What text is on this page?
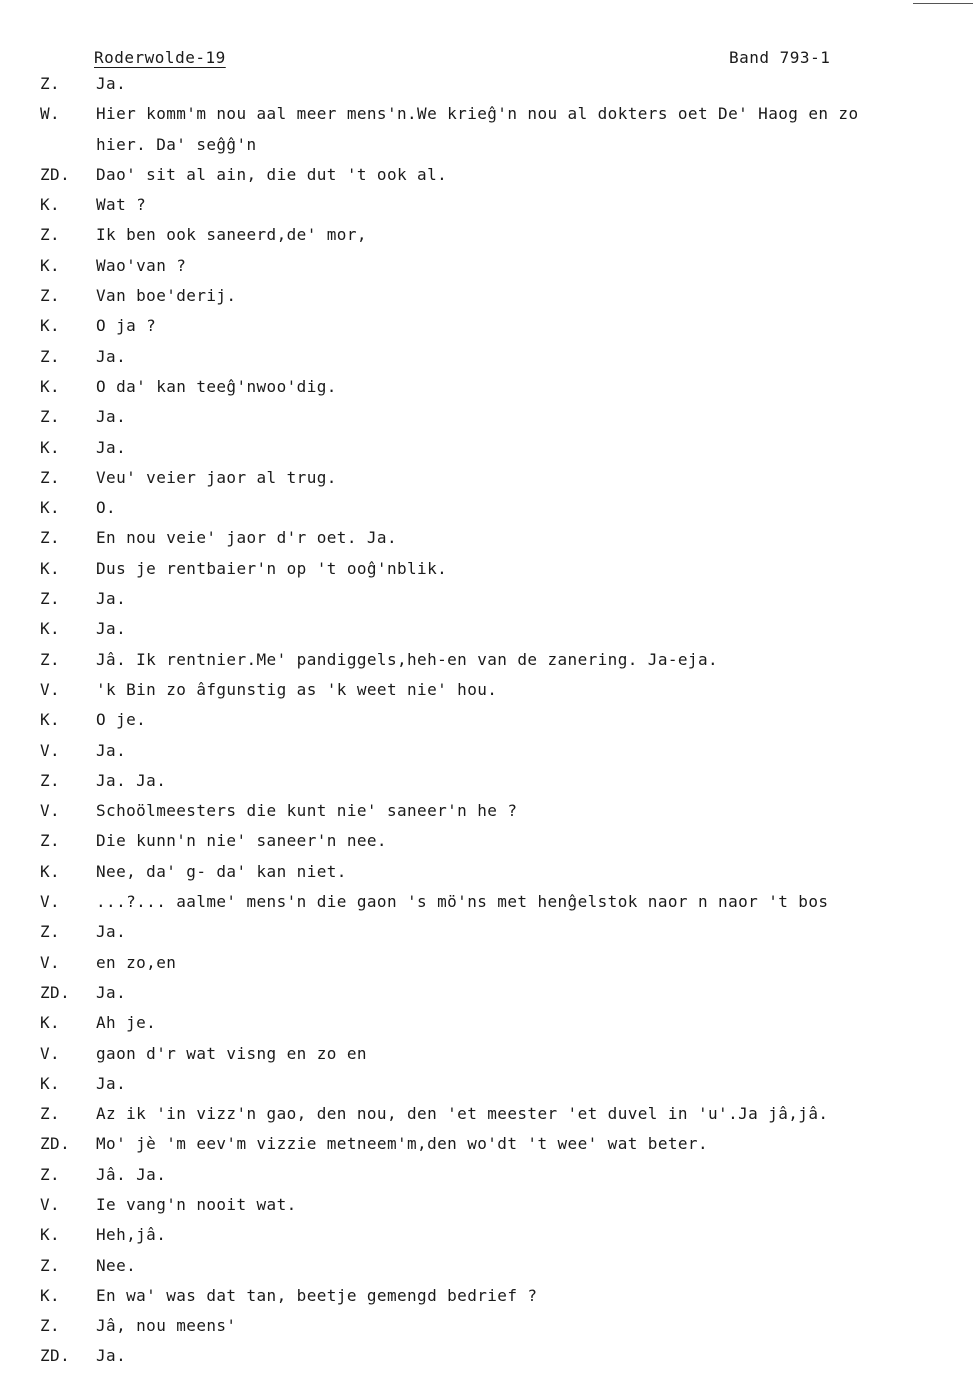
Roderwolde-19	Band 793-1
Z. Ja.
W. Hier komm'm nou aal meer mens'n.We krieĝ'n nou al dokters oet De' Haog en zo
hier. Da' seĝĝ'n
ZD. Dao' sit al ain, die dut 't ook al.
K. Wat ?
Z. Ik ben ook saneerd,de' mor,
K. Wao'van ?
Z. Van boe'derij.
K. O ja ?
Z. Ja.
K. O da' kan teeĝ'nwoo'dig.
Z. Ja.
K. Ja.
Z. Veu' veier jaor al trug.
K. O.
Z. En nou veie' jaor d'r oet. Ja.
K. Dus je rentbaier'n op 't ooĝ'nblik.
Z. Ja.
K. Ja.
Z. Jâ. Ik rentnier.Me' pandiggels,heh-en van de zanering. Ja-eja.
V. 'k Bin zo âfgunstig as 'k weet nie' hou.
K. O je.
V. Ja.
Z. Ja. Ja.
V. Schoölmeesters die kunt nie' saneer'n he ?
Z. Die kunn'n nie' saneer'n nee.
K. Nee, da' g- da' kan niet.
V. ...?... aalme' mens'n die gaon 's mö'ns met henĝelstok naor n naor 't bos
Z. Ja.
V. en zo,en
ZD. Ja.
K. Ah je.
V. gaon d'r wat visng en zo en
K. Ja.
Z. Az ik 'in vizz'n gao, den nou, den 'et meester 'et duvel in 'u'.Ja jâ,jâ.
ZD. Mo' jè 'm eev'm vizzie metneem'm,den wo'dt 't wee' wat beter.
Z. Jâ. Ja.
V. Ie vang'n nooit wat.
K. Heh,jâ.
Z. Nee.
K. En wa' was dat tan, beetje gemengd bedrief ?
Z. Jâ, nou meens'
ZD. Ja.
